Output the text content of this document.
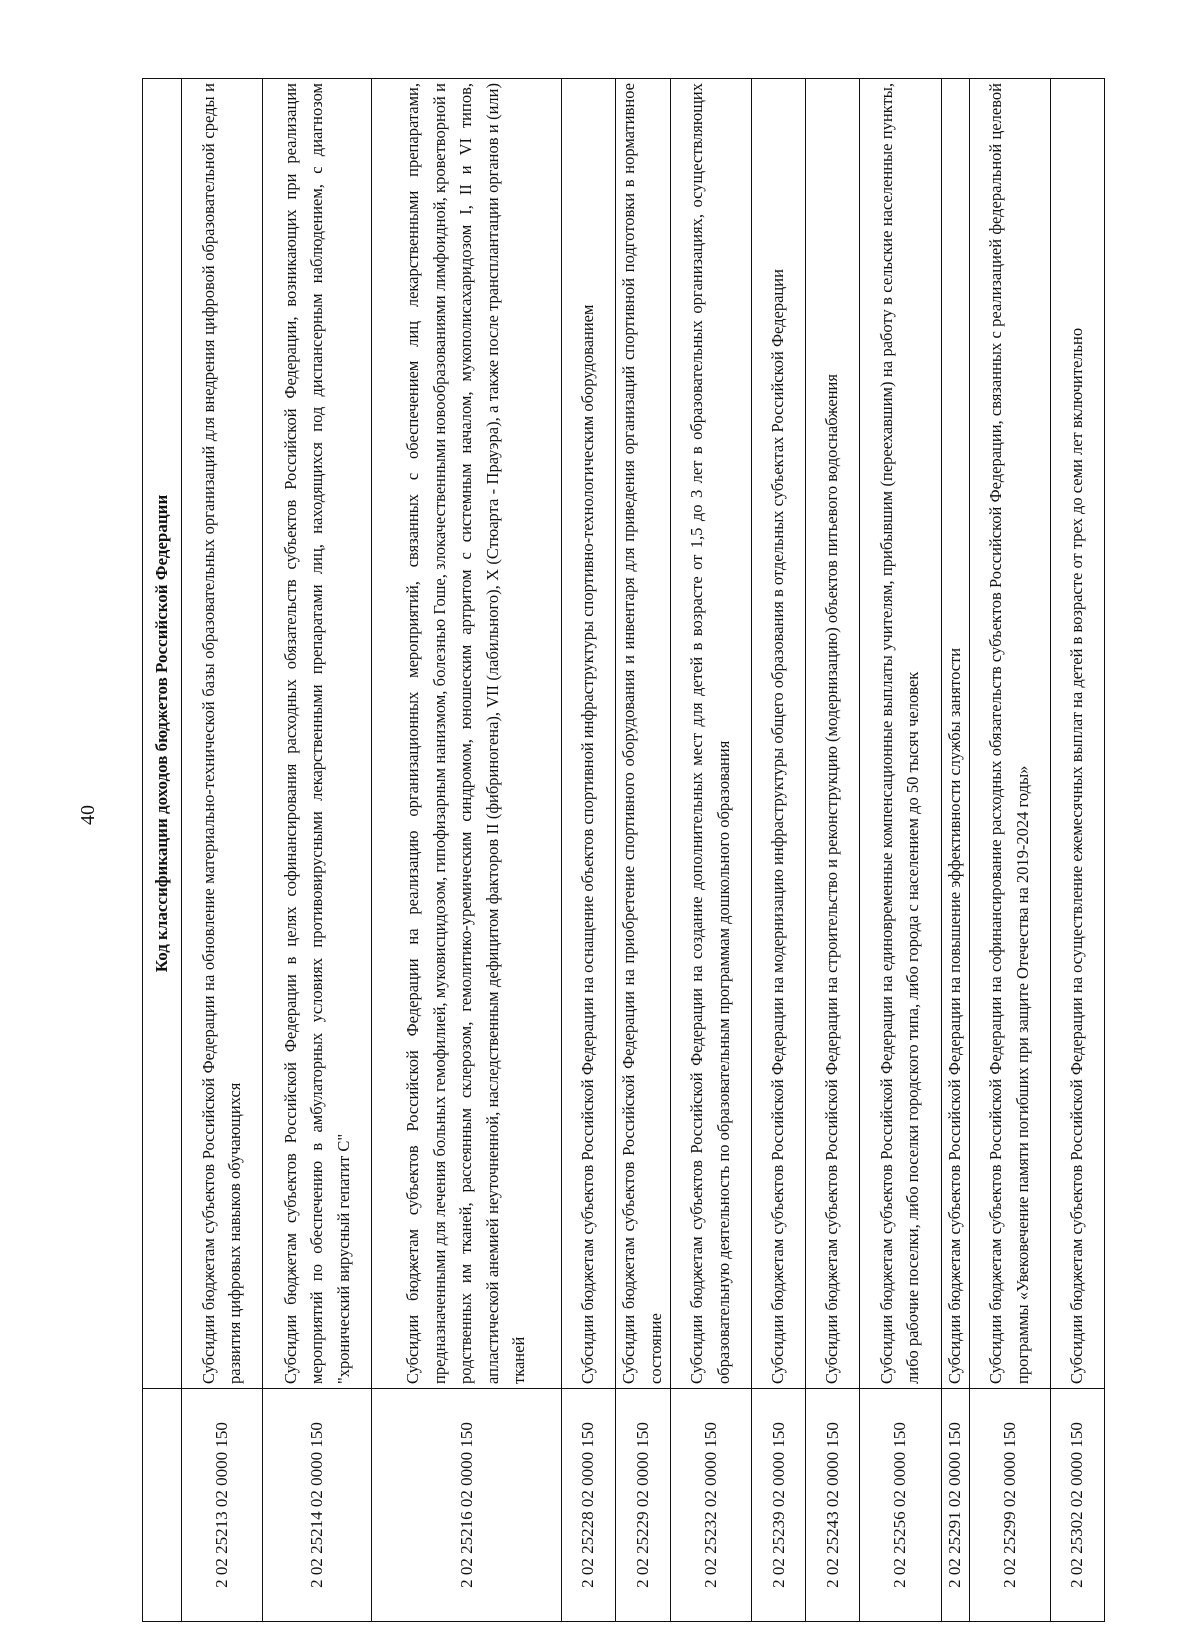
40
		Код классификации доходов бюджетов Российской Федерации
2 02 25213 02 0000 150	Субсидии бюджетам субъектов Российской Федерации на обновление материально-технической базы образовательных организаций для внедрения цифровой образовательной среды и развития цифровых навыков обучающихся
2 02 25214 02 0000 150	Субсидии бюджетам субъектов Российской Федерации в целях софинансирования расходных обязательств субъектов Российской Федерации, возникающих при реализации мероприятий по обеспечению в амбулаторных условиях противовирусными лекарственными препаратами лиц, находящихся под диспансерным наблюдением, с диагнозом "хронический вирусный гепатит C"
2 02 25216 02 0000 150	Субсидии бюджетам субъектов Российской Федерации на реализацию организационных мероприятий, связанных с обеспечением лиц лекарственными препаратами, предназначенными для лечения больных гемофилией, муковисцидозом, гипофизарным нанизмом, болезнью Гоше, злокачественными новообразованиями лимфоидной, кроветворной и родственных им тканей, рассеянным склерозом, гемолитико-уремическим синдромом, юношеским артритом с системным началом, мукополисахаридозом I, II и VI типов, апластической анемией неуточненной, наследственным дефицитом факторов II (фибриногена), VII (лабильного), X (Стюарта - Прауэра), а также после трансплантации органов и (или) тканей
2 02 25228 02 0000 150	Субсидии бюджетам субъектов Российской Федерации на оснащение объектов спортивной инфраструктуры спортивно-технологическим оборудованием
2 02 25229 02 0000 150	Субсидии бюджетам субъектов Российской Федерации на приобретение спортивного оборудования и инвентаря для приведения организаций спортивной подготовки в нормативное состояние
2 02 25232 02 0000 150	Субсидии бюджетам субъектов Российской Федерации на создание дополнительных мест для детей в возрасте от 1,5 до 3 лет в образовательных организациях, осуществляющих образовательную деятельность по образовательным программам дошкольного образования
2 02 25239 02 0000 150	Субсидии бюджетам субъектов Российской Федерации на модернизацию инфраструктуры общего образования в отдельных субъектах Российской Федерации
2 02 25243 02 0000 150	Субсидии бюджетам субъектов Российской Федерации на строительство и реконструкцию (модернизацию) объектов питьевого водоснабжения
2 02 25256 02 0000 150	Субсидии бюджетам субъектов Российской Федерации на единовременные компенсационные выплаты учителям, прибывшим (переехавшим) на работу в сельские населенные пункты, либо рабочие поселки, либо поселки городского типа, либо города с населением до 50 тысяч человек
2 02 25291 02 0000 150	Субсидии бюджетам субъектов Российской Федерации на повышение эффективности службы занятости
2 02 25299 02 0000 150	Субсидии бюджетам субъектов Российской Федерации на софинансирование расходных обязательств субъектов Российской Федерации, связанных с реализацией федеральной целевой программы «Увековечение памяти погибших при защите Отечества на 2019-2024 годы»
2 02 25302 02 0000 150	Субсидии бюджетам субъектов Российской Федерации на осуществление ежемесячных выплат на детей в возрасте от трех до семи лет включительно
